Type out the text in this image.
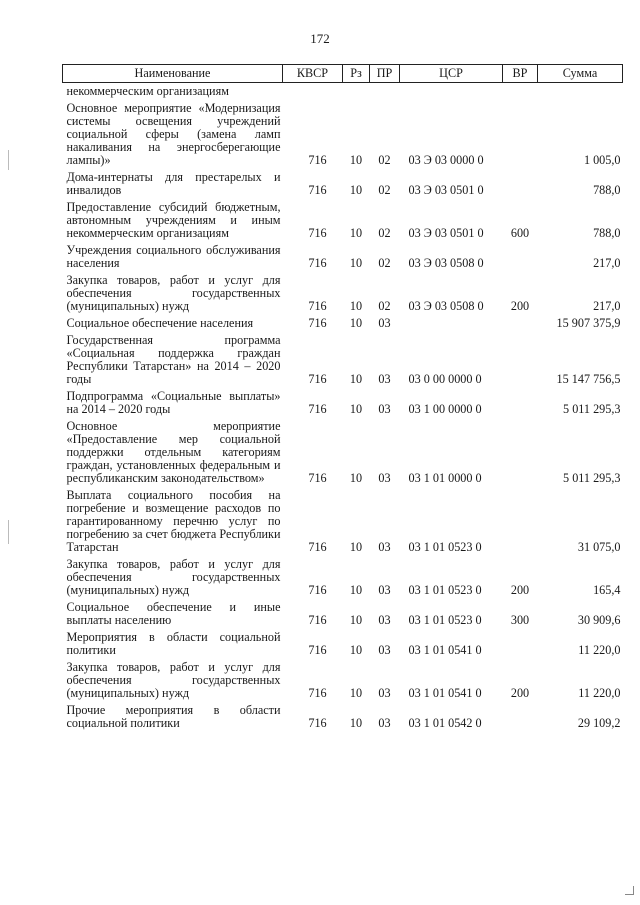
172
Наименование	КВСР	Рз	ПР	ЦСР	ВР	Сумма
некоммерческим организациям						
Основное мероприятие «Модернизация системы освещения учреждений социальной сферы (замена ламп накаливания на энергосберегающие лампы)»	716	10	02	03 Э 03 0000 0		1 005,0
Дома-интернаты для престарелых и инвалидов	716	10	02	03 Э 03 0501 0		788,0
Предоставление субсидий бюджетным, автономным учреждениям и иным некоммерческим организациям	716	10	02	03 Э 03 0501 0	600	788,0
Учреждения социального обслуживания населения	716	10	02	03 Э 03 0508 0		217,0
Закупка товаров, работ и услуг для обеспечения государственных (муниципальных) нужд	716	10	02	03 Э 03 0508 0	200	217,0
Социальное обеспечение населения	716	10	03			15 907 375,9
Государственная программа «Социальная поддержка граждан Республики Татарстан» на 2014 – 2020 годы	716	10	03	03 0 00 0000 0		15 147 756,5
Подпрограмма «Социальные выплаты» на 2014 – 2020 годы	716	10	03	03 1 00 0000 0		5 011 295,3
Основное мероприятие «Предоставление мер социальной поддержки отдельным категориям граждан, установленных федеральным и республиканским законодательством»	716	10	03	03 1 01 0000 0		5 011 295,3
Выплата социального пособия на погребение и возмещение расходов по гарантированному перечню услуг по погребению за счет бюджета Республики Татарстан	716	10	03	03 1 01 0523 0		31 075,0
Закупка товаров, работ и услуг для обеспечения государственных (муниципальных) нужд	716	10	03	03 1 01 0523 0	200	165,4
Социальное обеспечение и иные выплаты населению	716	10	03	03 1 01 0523 0	300	30 909,6
Мероприятия в области социальной политики	716	10	03	03 1 01 0541 0		11 220,0
Закупка товаров, работ и услуг для обеспечения государственных (муниципальных) нужд	716	10	03	03 1 01 0541 0	200	11 220,0
Прочие мероприятия в области социальной политики	716	10	03	03 1 01 0542 0		29 109,2
